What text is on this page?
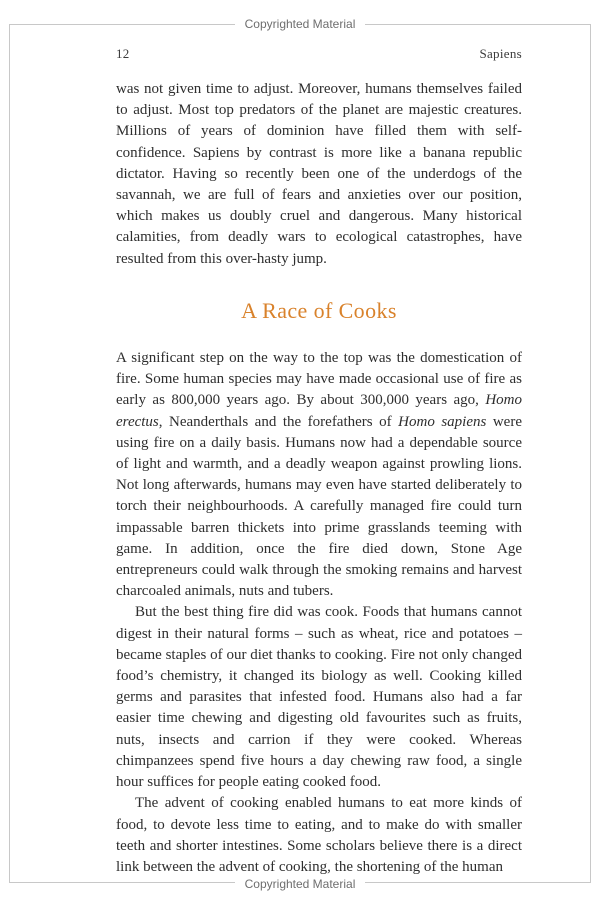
Copyrighted Material
12	Sapiens

was not given time to adjust. Moreover, humans themselves failed to adjust. Most top predators of the planet are majestic creatures. Millions of years of dominion have filled them with self-confidence. Sapiens by contrast is more like a banana republic dictator. Having so recently been one of the underdogs of the savannah, we are full of fears and anxieties over our position, which makes us doubly cruel and dangerous. Many historical calamities, from deadly wars to ecological catastrophes, have resulted from this over-hasty jump.

A Race of Cooks

A significant step on the way to the top was the domestication of fire. Some human species may have made occasional use of fire as early as 800,000 years ago. By about 300,000 years ago, Homo erectus, Neanderthals and the forefathers of Homo sapiens were using fire on a daily basis. Humans now had a dependable source of light and warmth, and a deadly weapon against prowling lions. Not long afterwards, humans may even have started deliberately to torch their neighbourhoods. A carefully managed fire could turn impassable barren thickets into prime grasslands teeming with game. In addition, once the fire died down, Stone Age entrepreneurs could walk through the smoking remains and harvest charcoaled animals, nuts and tubers.

But the best thing fire did was cook. Foods that humans cannot digest in their natural forms – such as wheat, rice and potatoes – became staples of our diet thanks to cooking. Fire not only changed food’s chemistry, it changed its biology as well. Cooking killed germs and parasites that infested food. Humans also had a far easier time chewing and digesting old favourites such as fruits, nuts, insects and carrion if they were cooked. Whereas chimpanzees spend five hours a day chewing raw food, a single hour suffices for people eating cooked food.

The advent of cooking enabled humans to eat more kinds of food, to devote less time to eating, and to make do with smaller teeth and shorter intestines. Some scholars believe there is a direct link between the advent of cooking, the shortening of the human

Copyrighted Material
